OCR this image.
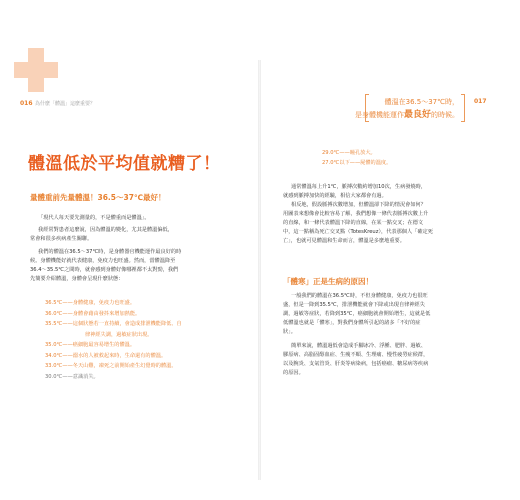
016 為什麼「體溫」這麼重要？
體溫低於平均值就糟了！
量體重前先量體溫！36.5～37℃最好！
「現代人每天要先測量的，不是體重而是體溫」。
我經常對患者這麼說，因為體溫的變化，尤其是體溫偏低，
常會和很多疾病產生關聯。
我們的體溫在36.5～37℃時，是身體器官機能運作最良好的時
候。身體機能好就代表健康，免疫力也旺盛。然而，當體溫降至
36.4～35.5℃之間時，就會感到身體好像哪裡都不太對勁，我們
先簡要介紹體溫，身體會呈現什麼狀態：
36.5℃——身體健康，免疫力也旺盛。
36.0℃——身體會藉由發抖來增加熱能。
35.5℃——這個狀態若一直持續，會造成排泄機能降低、自
律神經失調，過敏症狀出現。
35.0℃——癌細胞最容易增生的體溫。
34.0℃——溺水的人被救起來時，生命還有的體溫。
33.0℃——冬天山難，凍死之前開始產生幻覺時的體溫。
30.0℃——意識消失。
體溫在36.5～37℃時，
是身體機能運作最良好的時候。
017
29.0℃——瞳孔放大。
27.0℃以下——屍體的溫度。
通常體溫每上升1℃，脈搏次數約增加10次，生病發燒時，
就感到脈搏加快的經驗，相信大家都會有過。
相反地，假設脈搏次數增加，但體溫卻下降的情況會如何？
用圖表來想像會比較容易了解，我們想像一條代表脈搏次數上升
的直線，和一條代表體溫下降的直線，在某一點交叉；在德文
中，這一點稱為死亡交叉點（TotesKreuz），代表那個人「確定死
亡」，也就可見體溫和生命而言，體溫是多麼地重要。
「體寒」正是生病的原因！
一般我們的體溫在36.5℃時，不但身體健康，免疫力也很旺
盛，但是一降到35.5℃，排泄機能就會下降或出現自律神經失
調，過敏等症狀，若降到35℃，癌細胞就會開始增生，這就是低
低體溫也就是「體寒」，對我們身體所引起的諸多「不好的症
狀」。
簡單來說，體溫過低會造成手腳冰冷、浮腫、肥胖、過敏、
膠原病、高脂固醇血症、生瘦不順、生理痛、慢性疲勞症候群，
以及腕炎、支氣管炎、肝炎等病染病，包括癌瘤、糖尿病等疾病
的原因。
